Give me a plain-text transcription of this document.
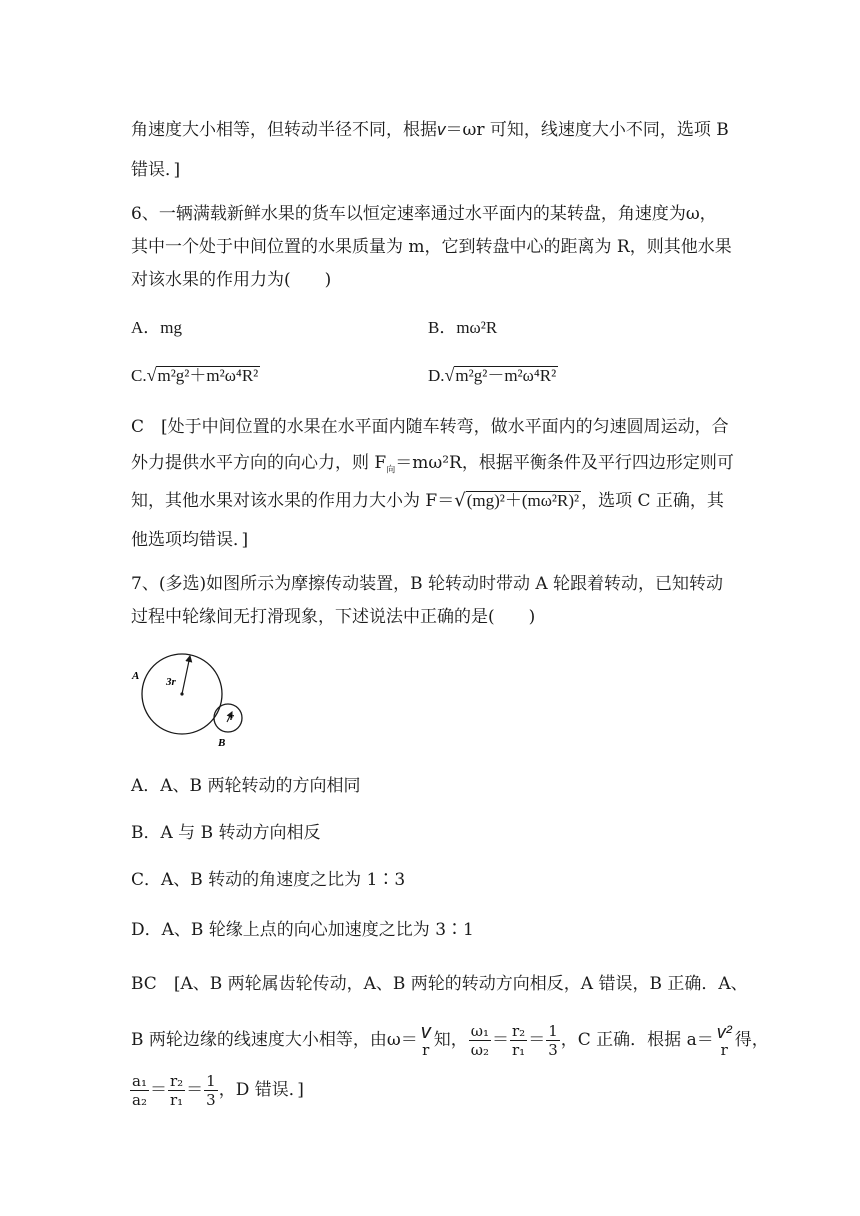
角速度大小相等，但转动半径不同，根据v＝ωr 可知，线速度大小不同，选项 B
错误．]
6、一辆满载新鲜水果的货车以恒定速率通过水平面内的某转盘，角速度为ω，
其中一个处于中间位置的水果质量为 m，它到转盘中心的距离为 R，则其他水果
对该水果的作用力为(　　)
A．mg	B．mω²R
C.√m²g²＋m²ω⁴R²	D.√m²g²－m²ω⁴R²
C　[处于中间位置的水果在水平面内随车转弯，做水平面内的匀速圆周运动，合
外力提供水平方向的向心力，则 $F_向=m\omega^2R$，根据平衡条件及平行四边形定则可
知，其他水果对该水果的作用力大小为 F＝√(mg)²＋(mω²R)² ，选项 C 正确，其
他选项均错误．]
7、(多选)如图所示为摩擦传动装置，B 轮转动时带动 A 轮跟着转动，已知转动
过程中轮缘间无打滑现象，下述说法中正确的是(　　)
A 3r
B
r
A．A、B 两轮转动的方向相同
B．A 与 B 转动方向相反
C．A、B 转动的角速度之比为 1∶3
D．A、B 轮缘上点的向心加速度之比为 3∶1
BC　[A、B 两轮属齿轮传动，A、B 两轮的转动方向相反，A 错误，B 正确．A、
B 两轮边缘的线速度大小相等，由ω＝ v
r 知， $\frac{\text{ω₁}}{\text{ω₂}} = \frac{\text{r₂}}{\text{r₁}} = \frac{1}{3}$ ，C 正确．根据 a＝ v²
r 得，
$\frac{\text{a₁}}{\text{a₂}} = \frac{\text{r₂}}{\text{r₁}} = \frac{1}{3}$ ，D 错误．]
